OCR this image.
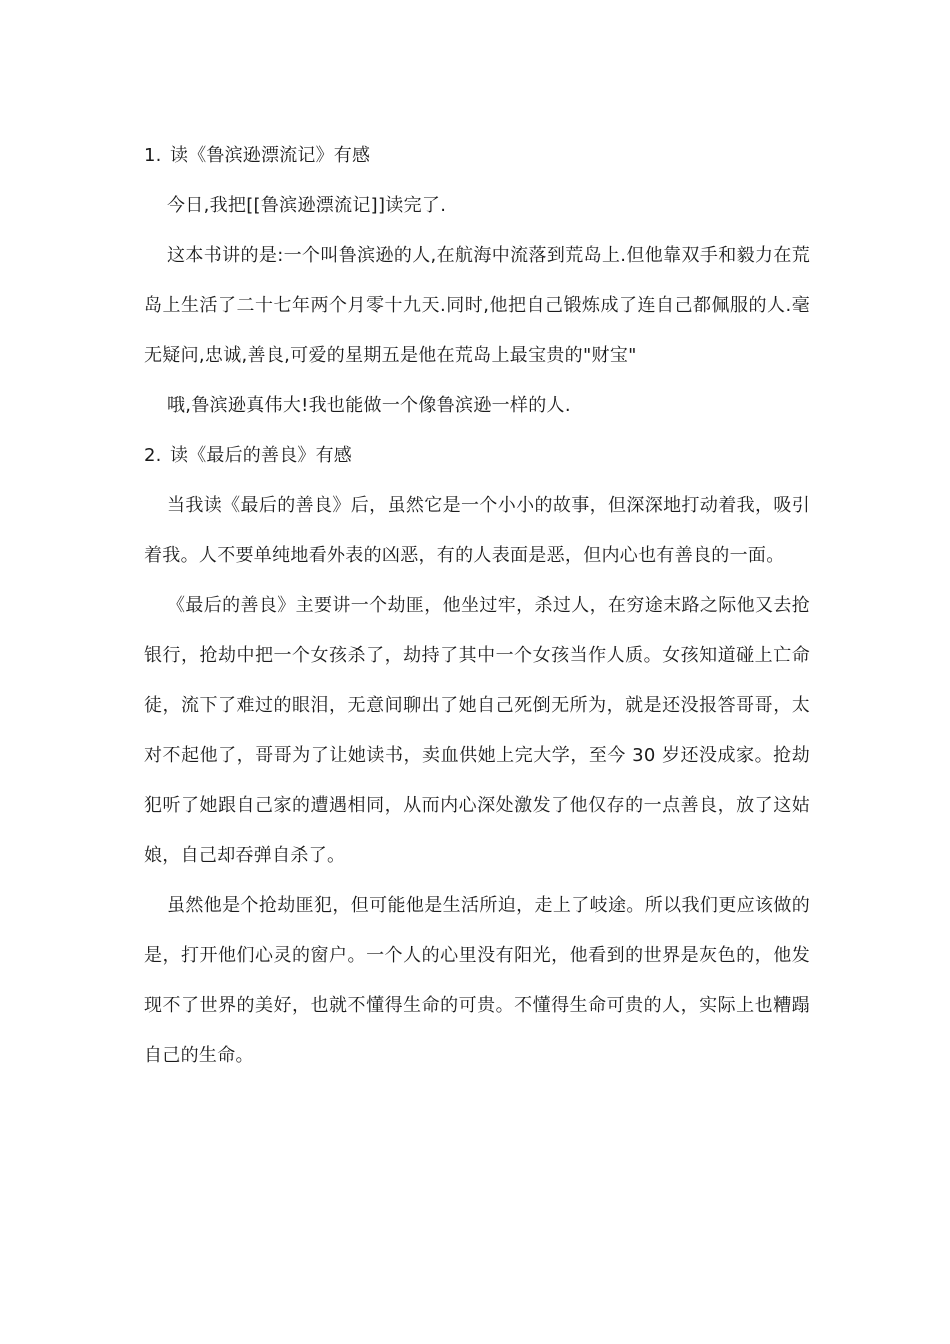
1. 读《鲁滨逊漂流记》有感

今日,我把[[鲁滨逊漂流记]]读完了.

这本书讲的是:一个叫鲁滨逊的人,在航海中流落到荒岛上.但他靠双手和毅力在荒岛上生活了二十七年两个月零十九天.同时,他把自己锻炼成了连自己都佩服的人.毫无疑问,忠诚,善良,可爱的星期五是他在荒岛上最宝贵的"财宝"

哦,鲁滨逊真伟大!我也能做一个像鲁滨逊一样的人.

2. 读《最后的善良》有感

当我读《最后的善良》后，虽然它是一个小小的故事，但深深地打动着我，吸引着我。人不要单纯地看外表的凶恶，有的人表面是恶，但内心也有善良的一面。

《最后的善良》主要讲一个劫匪，他坐过牢，杀过人，在穷途末路之际他又去抢银行，抢劫中把一个女孩杀了，劫持了其中一个女孩当作人质。女孩知道碰上亡命徒，流下了难过的眼泪，无意间聊出了她自己死倒无所为，就是还没报答哥哥，太对不起他了，哥哥为了让她读书，卖血供她上完大学，至今 30 岁还没成家。抢劫犯听了她跟自己家的遭遇相同，从而内心深处激发了他仅存的一点善良，放了这姑娘，自己却吞弹自杀了。

虽然他是个抢劫匪犯，但可能他是生活所迫，走上了岐途。所以我们更应该做的是，打开他们心灵的窗户。一个人的心里没有阳光，他看到的世界是灰色的，他发现不了世界的美好，也就不懂得生命的可贵。不懂得生命可贵的人，实际上也糟蹋自己的生命。
